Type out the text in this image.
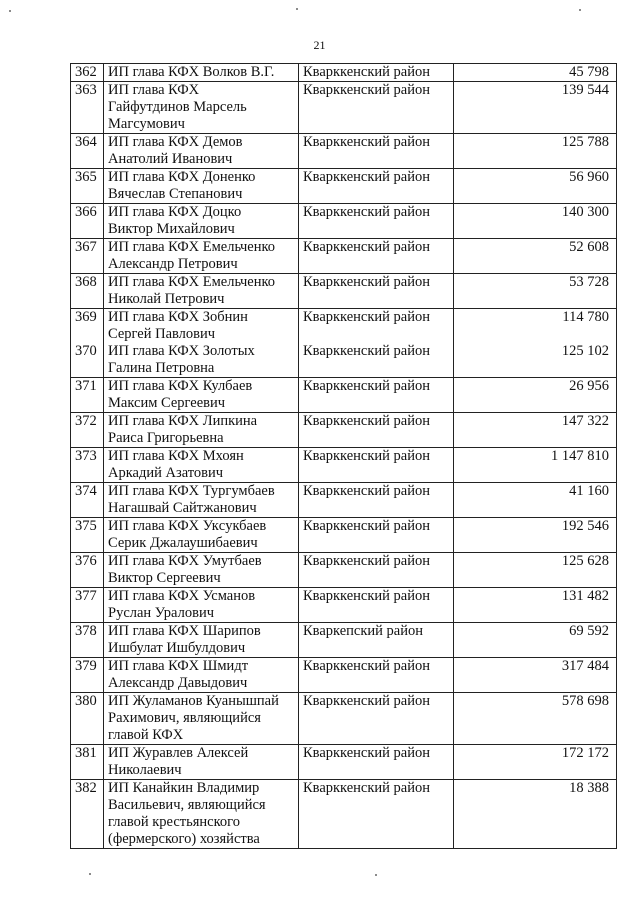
21
362	ИП глава КФХ Волков В.Г.	Кварккенский район	45 798
363	ИП глава КФХ
Гайфутдинов Марсель
Магсумович	Кварккенский район	139 544
364	ИП глава КФХ Демов
Анатолий Иванович	Кварккенский район	125 788
365	ИП глава КФХ Доненко
Вячеслав Степанович	Кварккенский район	56 960
366	ИП глава КФХ Доцко
Виктор Михайлович	Кварккенский район	140 300
367	ИП глава КФХ Емельченко
Александр Петрович	Кварккенский район	52 608
368	ИП глава КФХ Емельченко
Николай Петрович	Кварккенский район	53 728
369	ИП глава КФХ Зобнин
Сергей Павлович	Кварккенский район	114 780
370	ИП глава КФХ Золотых
Галина Петровна	Кварккенский район	125 102
371	ИП глава КФХ Кулбаев
Максим Сергеевич	Кварккенский район	26 956
372	ИП глава КФХ Липкина
Раиса Григорьевна	Кварккенский район	147 322
373	ИП глава КФХ Мхоян
Аркадий Азатович	Кварккенский район	1 147 810
374	ИП глава КФХ Тургумбаев
Нагашвай Сайтжанович	Кварккенский район	41 160
375	ИП глава КФХ Укcукбаев
Серик Джалаушибаевич	Кварккенский район	192 546
376	ИП глава КФХ Умутбаев
Виктор Сергеевич	Кварккенский район	125 628
377	ИП глава КФХ Усманов
Руслан Уралович	Кварккенский район	131 482
378	ИП глава КФХ Шарипов
Ишбулат Ишбулдович	Кваркепский район	69 592
379	ИП глава КФХ Шмидт
Александр Давыдович	Кварккенский район	317 484
380	ИП Жуламанов Куанышпай
Рахимович, являющийся
главой КФХ	Кварккенский район	578 698
381	ИП Журавлев Алексей
Николаевич	Кварккенский район	172 172
382	ИП Канайкин Владимир
Васильевич, являющийся
главой крестьянского
(фермерского) хозяйства	Кварккенский район	18 388
